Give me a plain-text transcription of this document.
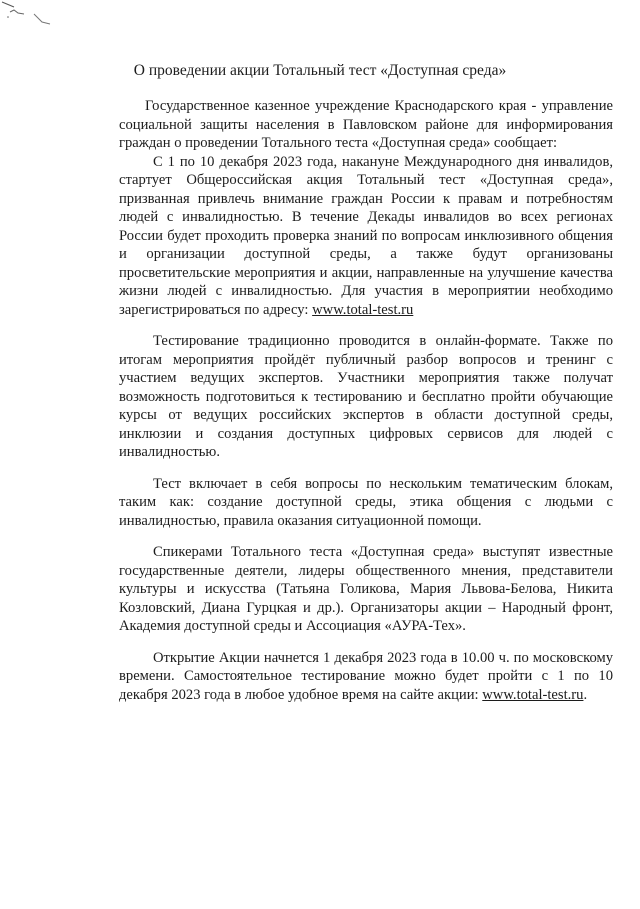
О проведении акции Тотальный тест «Доступная среда»

Государственное казенное учреждение Краснодарского края - управление социальной защиты населения в Павловском районе для информирования граждан о проведении Тотального теста «Доступная среда» сообщает:

С 1 по 10 декабря 2023 года, накануне Международного дня инвалидов, стартует Общероссийская акция Тотальный тест «Доступная среда», призванная привлечь внимание граждан России к правам и потребностям людей с инвалидностью. В течение Декады инвалидов во всех регионах России будет проходить проверка знаний по вопросам инклюзивного общения и организации доступной среды, а также будут организованы просветительские мероприятия и акции, направленные на улучшение качества жизни людей с инвалидностью. Для участия в мероприятии необходимо зарегистрироваться по адресу: www.total-test.ru

Тестирование традиционно проводится в онлайн-формате. Также по итогам мероприятия пройдёт публичный разбор вопросов и тренинг с участием ведущих экспертов. Участники мероприятия также получат возможность подготовиться к тестированию и бесплатно пройти обучающие курсы от ведущих российских экспертов в области доступной среды, инклюзии и создания доступных цифровых сервисов для людей с инвалидностью.

Тест включает в себя вопросы по нескольким тематическим блокам, таким как: создание доступной среды, этика общения с людьми с инвалидностью, правила оказания ситуационной помощи.

Спикерами Тотального теста «Доступная среда» выступят известные государственные деятели, лидеры общественного мнения, представители культуры и искусства (Татьяна Голикова, Мария Львова-Белова, Никита Козловский, Диана Гурцкая и др.). Организаторы акции – Народный фронт, Академия доступной среды и Ассоциация «АУРА-Тех».

Открытие Акции начнется 1 декабря 2023 года в 10.00 ч. по московскому времени. Самостоятельное тестирование можно будет пройти с 1 по 10 декабря 2023 года в любое удобное время на сайте акции: www.total-test.ru.
